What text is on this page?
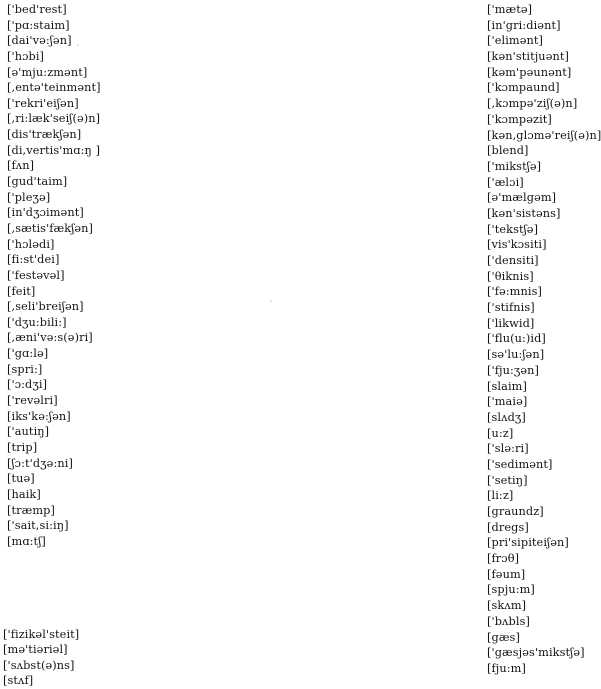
['bed'rest]
['pɑ:staim]
[dai'və:ʃən]
['hɔbi]
[ə'mju:zmənt]
[,entə'teinmənt]
['rekri'eiʃən]
[,ri:læk'seiʃ(ə)n]
[dis'trækʃən]
[di,vertis'mɑ:ŋ ]
[fʌn]
[gud'taim]
['pleʒə]
[in'dʒɔimənt]
[,sætis'fækʃən]
['hɔlədi]
[fi:st'dei]
['festəvəl]
[feit]
[,seli'breiʃən]
['dʒu:bili:]
[,æni'və:s(ə)ri]
['gɑ:lə]
[spri:]
['ɔ:dʒi]
['revəlri]
[iks'kə:ʃən]
['autiŋ]
[trip]
[ʃɔ:t'dʒə:ni]
[tuə]
[haik]
[træmp]
['sait,si:iŋ]
[mɑ:tʃ]
['fizikəl'steit]
[mə'tiəriəl]
['sʌbst(ə)ns]
[stʌf]
['mætə]
[in'gri:diənt]
['elimənt]
[kən'stitjuənt]
[kəm'pəunənt]
['kɔmpaund]
[,kɔmpə'ziʃ(ə)n]
['kɔmpəzit]
[kən,glɔmə'reiʃ(ə)n]
[blend]
['mikstʃə]
['ælɔi]
[ə'mælgəm]
[kən'sistəns]
['tekstʃə]
[vis'kɔsiti]
['densiti]
['θiknis]
['fə:mnis]
['stifnis]
['likwid]
['flu(u:)id]
[sə'lu:ʃən]
['fju:ʒən]
[slaim]
['maiə]
[slʌdʒ]
[u:z]
['slə:ri]
['sedimənt]
['setiŋ]
[li:z]
[graundz]
[dregs]
[pri'sipiteiʃən]
[frɔθ]
[fəum]
[spju:m]
[skʌm]
['bʌbls]
[gæs]
['gæsjəs'mikstʃə]
[fju:m]
